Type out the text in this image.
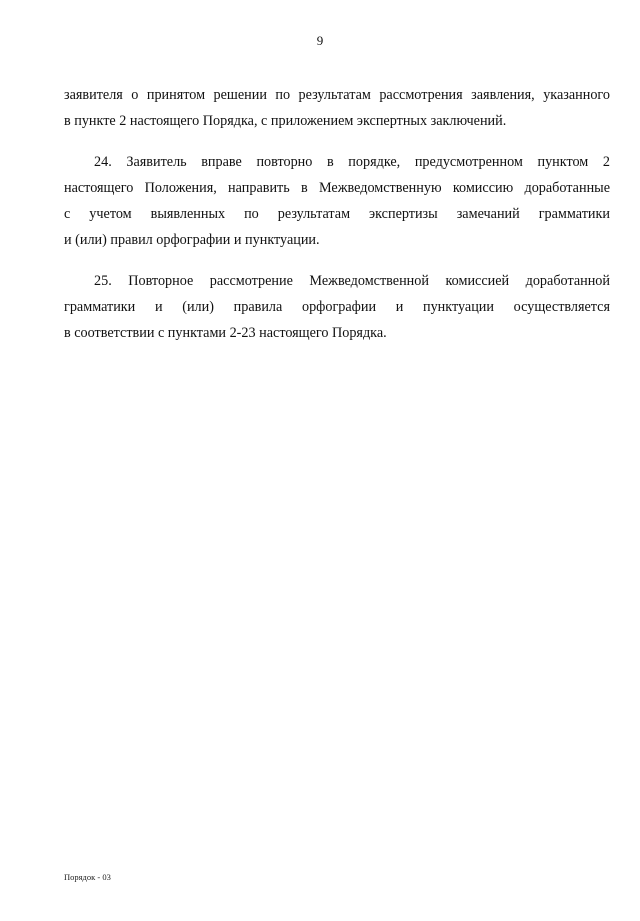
9

заявителя о принятом решении по результатам рассмотрения заявления, указанного
в пункте 2 настоящего Порядка, с приложением экспертных заключений.

24. Заявитель вправе повторно в порядке, предусмотренном пунктом 2
настоящего Положения, направить в Межведомственную комиссию доработанные
с учетом выявленных по результатам экспертизы замечаний грамматики
и (или) правил орфографии и пунктуации.

25. Повторное рассмотрение Межведомственной комиссией доработанной
грамматики и (или) правила орфографии и пунктуации осуществляется
в соответствии с пунктами 2-23 настоящего Порядка.

Порядок - 03
